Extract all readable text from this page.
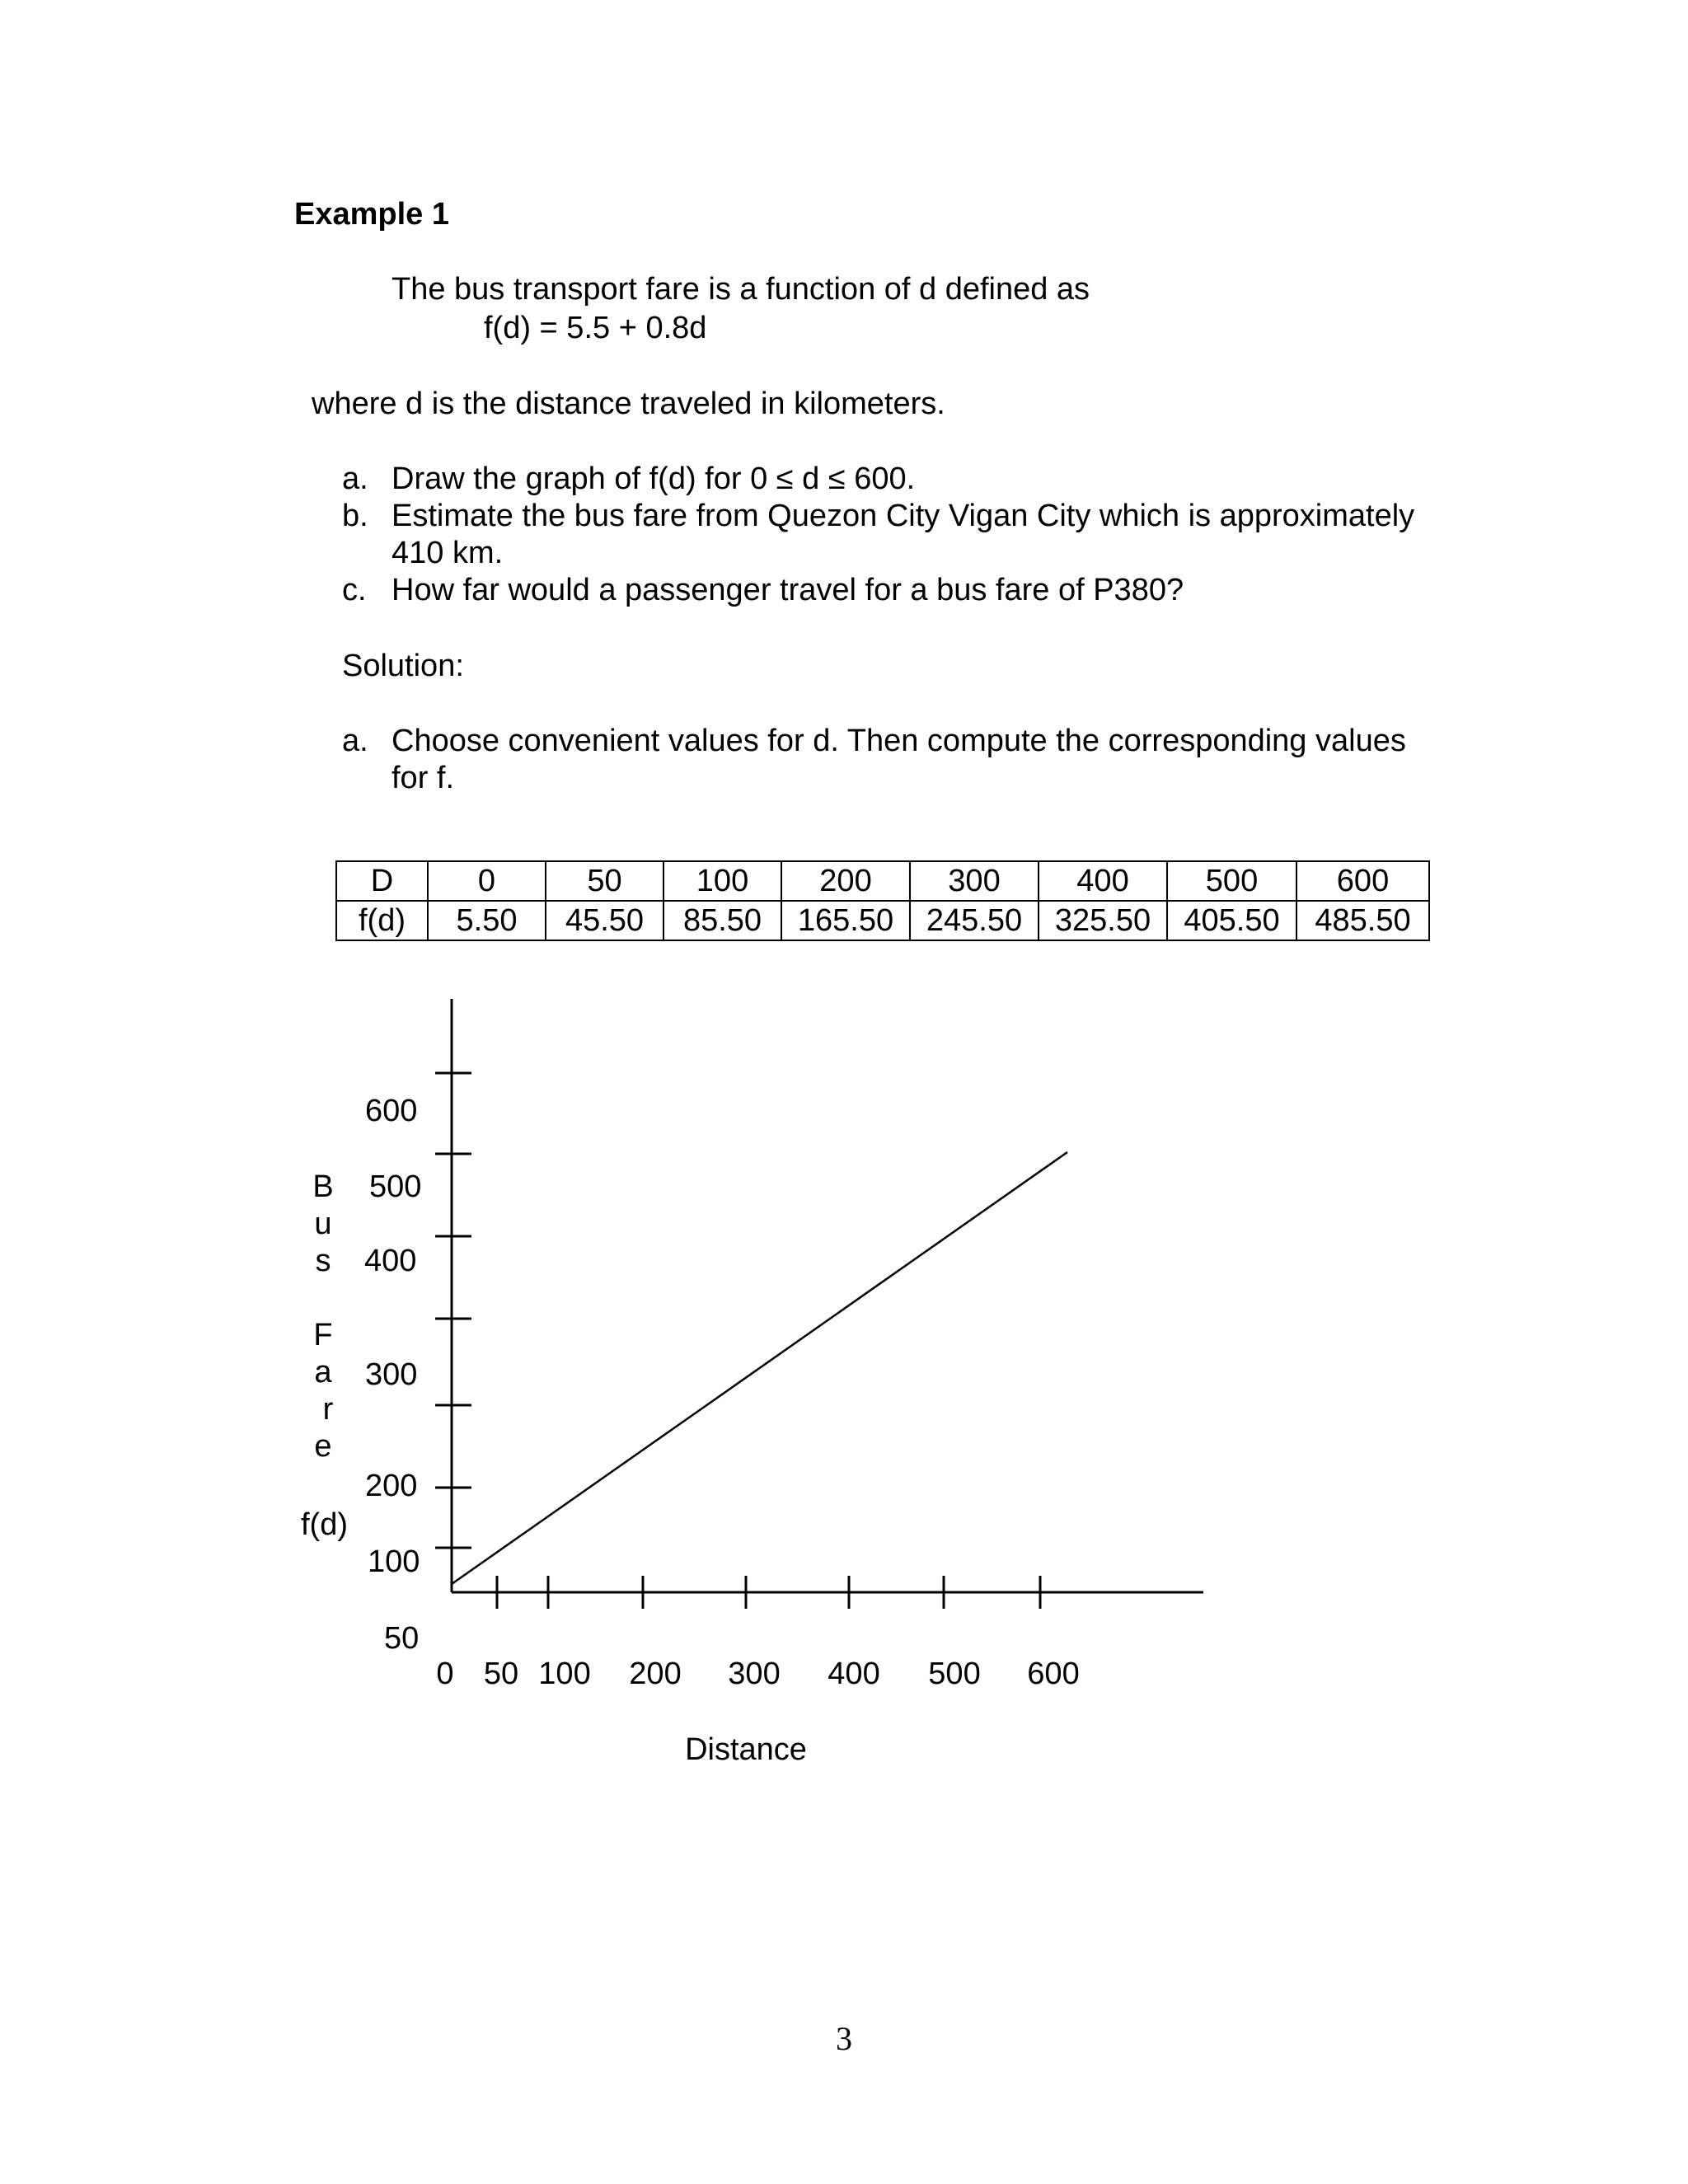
Example 1
The bus transport fare is a function of d defined as
f(d) = 5.5 + 0.8d
where d is the distance traveled in kilometers.
a. Draw the graph of f(d) for 0 ≤ d ≤ 600.
b. Estimate the bus fare from Quezon City Vigan City which is approximately
410 km.
c. How far would a passenger travel for a bus fare of P380?
Solution:
a. Choose convenient values for d. Then compute the corresponding values
for f.
D	0	50	100	200	300	400	500	600
f(d)	5.50	45.50	85.50	165.50	245.50	325.50	405.50	485.50
600
500
400
300
200
100
50
0 50 100 200 300 400 500 600
B
u
s
F
a
r
e
f(d)
Distance
3
